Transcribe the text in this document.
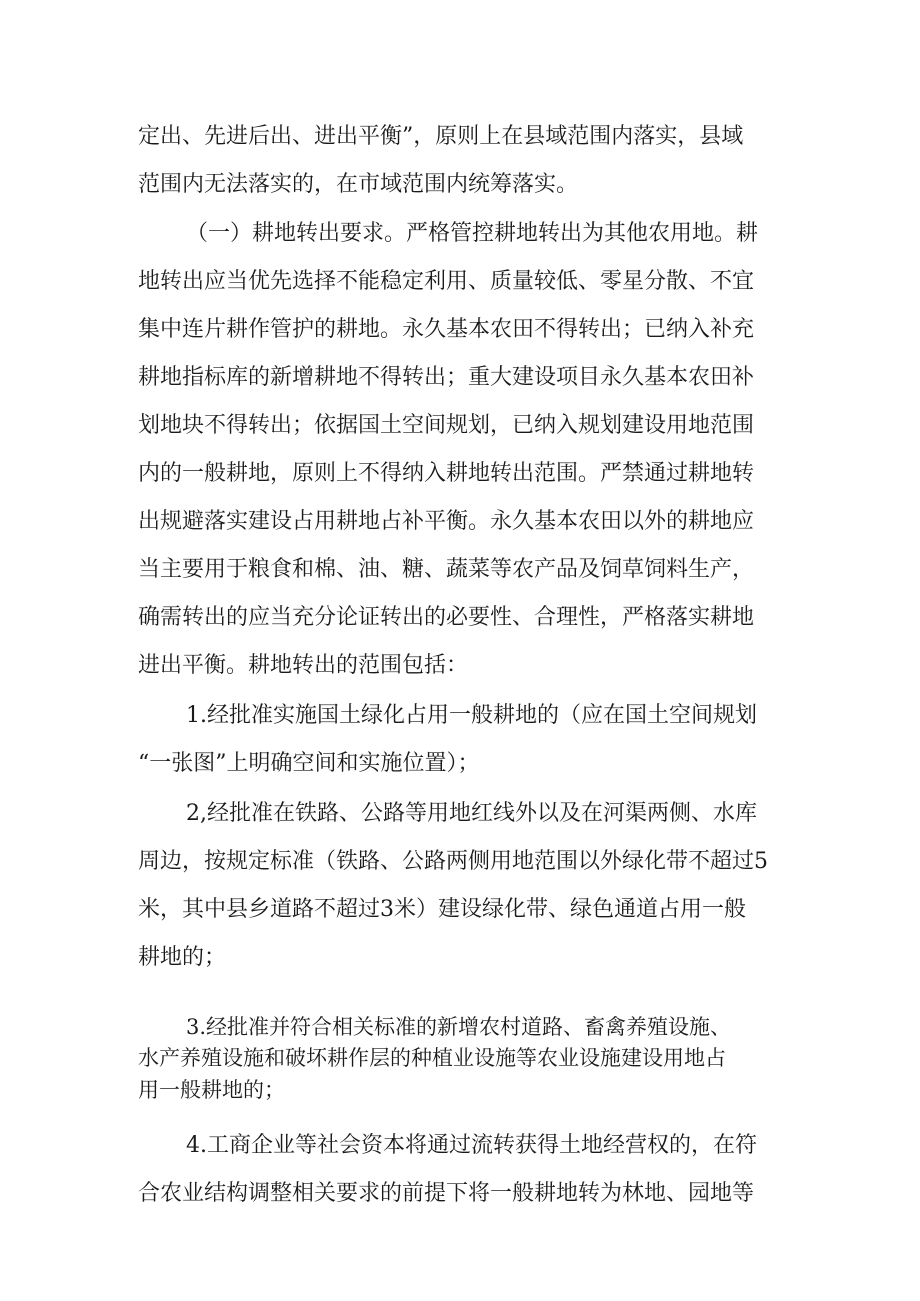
定出、先进后出、进出平衡”，原则上在县域范围内落实，县域

范围内无法落实的，在市域范围内统筹落实。

（一）耕地转出要求。严格管控耕地转出为其他农用地。耕

地转出应当优先选择不能稳定利用、质量较低、零星分散、不宜

集中连片耕作管护的耕地。永久基本农田不得转出；已纳入补充

耕地指标库的新增耕地不得转出；重大建设项目永久基本农田补

划地块不得转出；依据国土空间规划，已纳入规划建设用地范围

内的一般耕地，原则上不得纳入耕地转出范围。严禁通过耕地转

出规避落实建设占用耕地占补平衡。永久基本农田以外的耕地应

当主要用于粮食和棉、油、糖、蔬菜等农产品及饲草饲料生产，

确需转出的应当充分论证转出的必要性、合理性，严格落实耕地

进出平衡。耕地转出的范围包括：

1.经批准实施国土绿化占用一般耕地的（应在国土空间规划

“一张图”上明确空间和实施位置）；

2,经批准在铁路、公路等用地红线外以及在河渠两侧、水库

周边，按规定标准（铁路、公路两侧用地范围以外绿化带不超过5

米，其中县乡道路不超过3米）建设绿化带、绿色通道占用一般

耕地的；

3.经批准并符合相关标准的新增农村道路、畜禽养殖设施、

水产养殖设施和破坏耕作层的种植业设施等农业设施建设用地占

用一般耕地的；

4.工商企业等社会资本将通过流转获得土地经营权的，在符

合农业结构调整相关要求的前提下将一般耕地转为林地、园地等
